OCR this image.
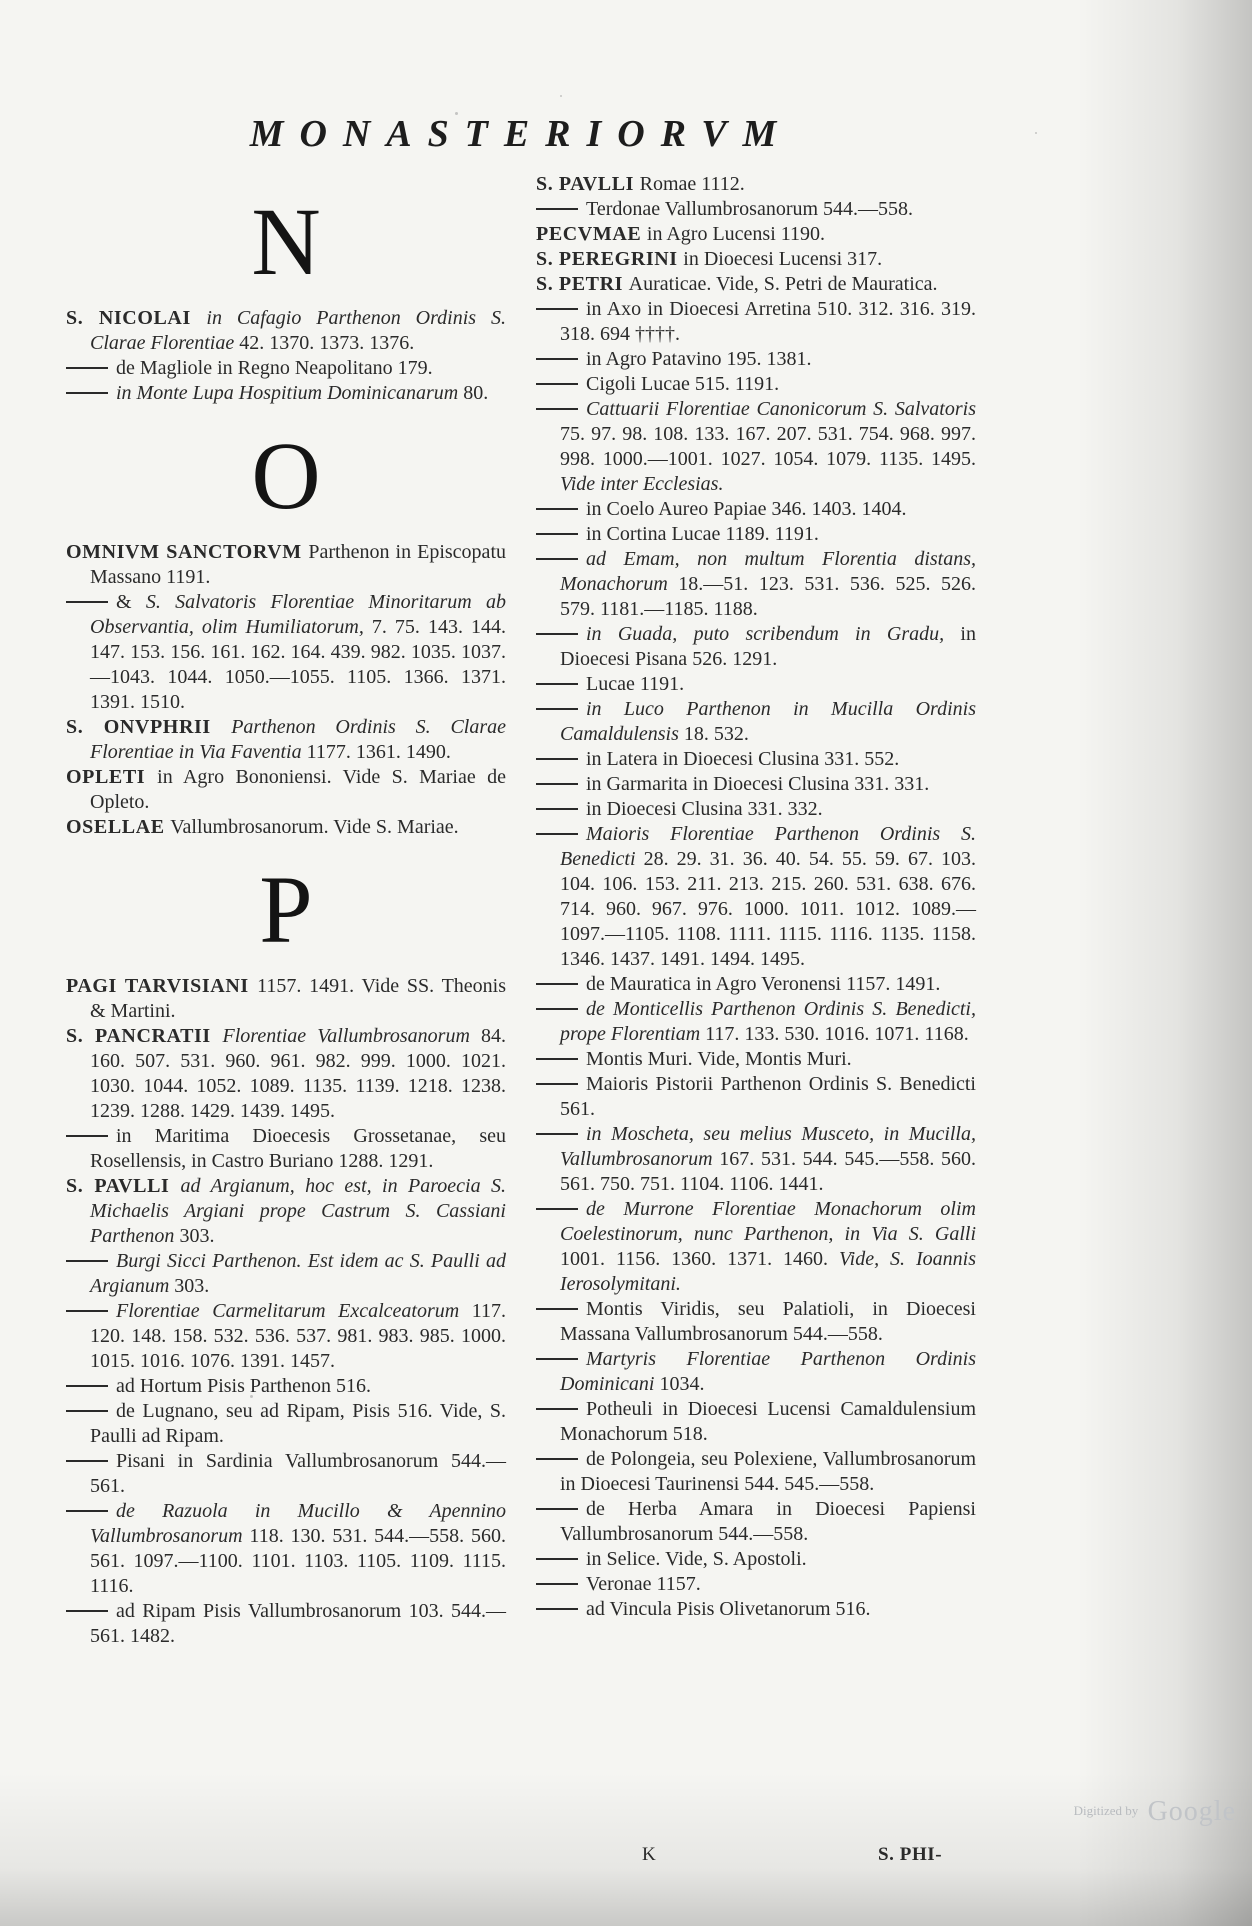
MONASTERIORVM
N

S. NICOLAI in Cafagio Parthenon Ordinis S. Clarae Florentiae 42. 1370. 1373. 1376.

de Magliole in Regno Neapolitano 179.

in Monte Lupa Hospitium Dominicanarum 80.

O

OMNIVM SANCTORVM Parthenon in Episcopatu Massano 1191.

& S. Salvatoris Florentiae Minoritarum ab Observantia, olim Humiliatorum, 7. 75. 143. 144. 147. 153. 156. 161. 162. 164. 439. 982. 1035. 1037.—1043. 1044. 1050.—1055. 1105. 1366. 1371. 1391. 1510.

S. ONVPHRII Parthenon Ordinis S. Clarae Florentiae in Via Faventia 1177. 1361. 1490.

OPLETI in Agro Bononiensi. Vide S. Mariae de Opleto.

OSELLAE Vallumbrosanorum. Vide S. Mariae.

P

PAGI TARVISIANI 1157. 1491. Vide SS. Theonis & Martini.

S. PANCRATII Florentiae Vallumbrosanorum 84. 160. 507. 531. 960. 961. 982. 999. 1000. 1021. 1030. 1044. 1052. 1089. 1135. 1139. 1218. 1238. 1239. 1288. 1429. 1439. 1495.

in Maritima Dioecesis Grossetanae, seu Rosellensis, in Castro Buriano 1288. 1291.

S. PAVLLI ad Argianum, hoc est, in Paroecia S. Michaelis Argiani prope Castrum S. Cassiani Parthenon 303.

Burgi Sicci Parthenon. Est idem ac S. Paulli ad Argianum 303.

Florentiae Carmelitarum Excalceatorum 117. 120. 148. 158. 532. 536. 537. 981. 983. 985. 1000. 1015. 1016. 1076. 1391. 1457.

ad Hortum Pisis Parthenon 516.

de Lugnano, seu ad Ripam, Pisis 516. Vide, S. Paulli ad Ripam.

Pisani in Sardinia Vallumbrosanorum 544.—561.

de Razuola in Mucillo & Apennino Vallumbrosanorum 118. 130. 531. 544.—558. 560. 561. 1097.—1100. 1101. 1103. 1105. 1109. 1115. 1116.

ad Ripam Pisis Vallumbrosanorum 103. 544.—561. 1482.

S. PAVLLI Romae 1112.

Terdonae Vallumbrosanorum 544.—558.

PECVMAE in Agro Lucensi 1190.

S. PEREGRINI in Dioecesi Lucensi 317.

S. PETRI Auraticae. Vide, S. Petri de Mauratica.

in Axo in Dioecesi Arretina 510. 312. 316. 319. 318. 694 ††††.

in Agro Patavino 195. 1381.

Cigoli Lucae 515. 1191.

Cattuarii Florentiae Canonicorum S. Salvatoris 75. 97. 98. 108. 133. 167. 207. 531. 754. 968. 997. 998. 1000.—1001. 1027. 1054. 1079. 1135. 1495. Vide inter Ecclesias.

in Coelo Aureo Papiae 346. 1403. 1404.

in Cortina Lucae 1189. 1191.

ad Emam, non multum Florentia distans, Monachorum 18.—51. 123. 531. 536. 525. 526. 579. 1181.—1185. 1188.

in Guada, puto scribendum in Gradu, in Dioecesi Pisana 526. 1291.

Lucae 1191.

in Luco Parthenon in Mucilla Ordinis Camaldulensis 18. 532.

in Latera in Dioecesi Clusina 331. 552.

in Garmarita in Dioecesi Clusina 331. 331.

in Dioecesi Clusina 331. 332.

Maioris Florentiae Parthenon Ordinis S. Benedicti 28. 29. 31. 36. 40. 54. 55. 59. 67. 103. 104. 106. 153. 211. 213. 215. 260. 531. 638. 676. 714. 960. 967. 976. 1000. 1011. 1012. 1089.—1097.—1105. 1108. 1111. 1115. 1116. 1135. 1158. 1346. 1437. 1491. 1494. 1495.

de Mauratica in Agro Veronensi 1157. 1491.

de Monticellis Parthenon Ordinis S. Benedicti, prope Florentiam 117. 133. 530. 1016. 1071. 1168.

Montis Muri. Vide, Montis Muri.

Maioris Pistorii Parthenon Ordinis S. Benedicti 561.

in Moscheta, seu melius Musceto, in Mucilla, Vallumbrosanorum 167. 531. 544. 545.—558. 560. 561. 750. 751. 1104. 1106. 1441.

de Murrone Florentiae Monachorum olim Coelestinorum, nunc Parthenon, in Via S. Galli 1001. 1156. 1360. 1371. 1460. Vide, S. Ioannis Ierosolymitani.

Montis Viridis, seu Palatioli, in Dioecesi Massana Vallumbrosanorum 544.—558.

Martyris Florentiae Parthenon Ordinis Dominicani 1034.

Potheuli in Dioecesi Lucensi Camaldulensium Monachorum 518.

de Polongeia, seu Polexiene, Vallumbrosanorum in Dioecesi Taurinensi 544. 545.—558.

de Herba Amara in Dioecesi Papiensi Vallumbrosanorum 544.—558.

in Selice. Vide, S. Apostoli.

Veronae 1157.

ad Vincula Pisis Olivetanorum 516.

K	S. PHI-
Digitized by Google
